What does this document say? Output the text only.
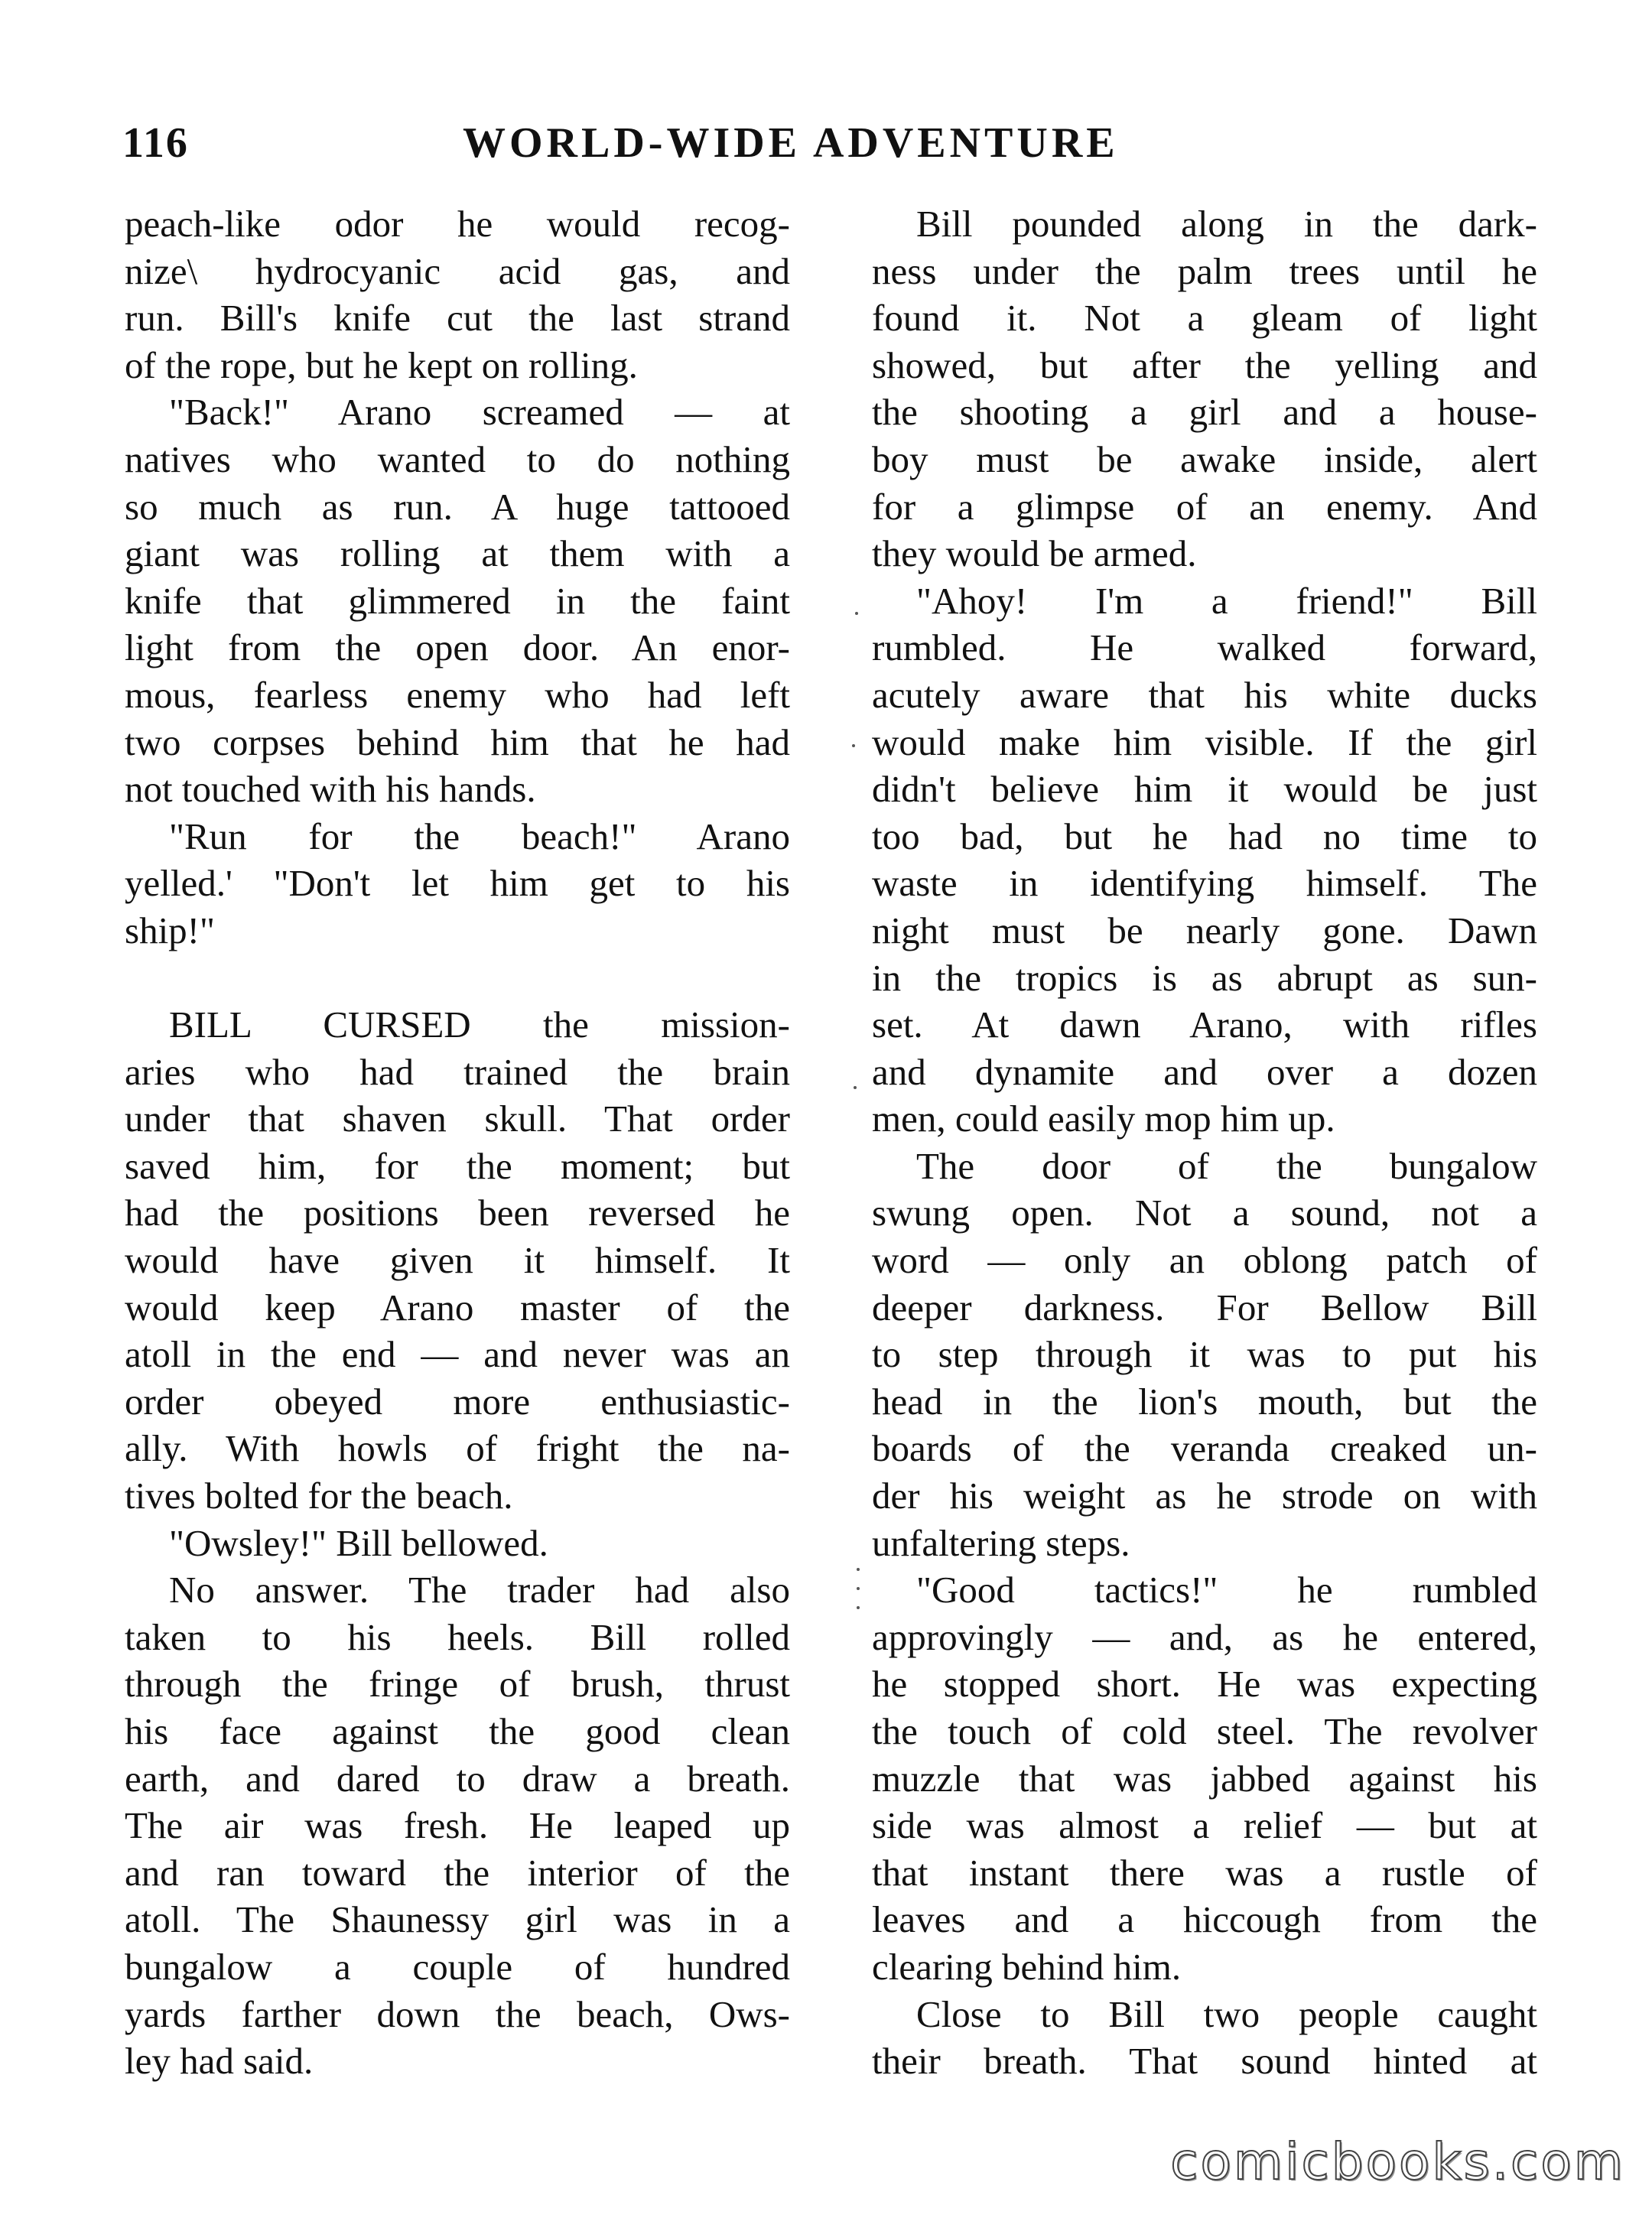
116	WORLD-WIDE ADVENTURE
peach-like odor he would recog-
nize\ hydrocyanic acid gas, and
run. Bill's knife cut the last strand
of the rope, but he kept on rolling.
"Back!" Arano screamed — at
natives who wanted to do nothing
so much as run. A huge tattooed
giant was rolling at them with a
knife that glimmered in the faint
light from the open door. An enor-
mous, fearless enemy who had left
two corpses behind him that he had
not touched with his hands.
"Run for the beach!" Arano
yelled.' "Don't let him get to his
ship!"

BILL CURSED the mission-
aries who had trained the brain
under that shaven skull. That order
saved him, for the moment; but
had the positions been reversed he
would have given it himself. It
would keep Arano master of the
atoll in the end — and never was an
order obeyed more enthusiastic-
ally. With howls of fright the na-
tives bolted for the beach.
"Owsley!" Bill bellowed.
No answer. The trader had also
taken to his heels. Bill rolled
through the fringe of brush, thrust
his face against the good clean
earth, and dared to draw a breath.
The air was fresh. He leaped up
and ran toward the interior of the
atoll. The Shaunessy girl was in a
bungalow a couple of hundred
yards farther down the beach, Ows-
ley had said.
Bill pounded along in the dark-
ness under the palm trees until he
found it. Not a gleam of light
showed, but after the yelling and
the shooting a girl and a house-
boy must be awake inside, alert
for a glimpse of an enemy. And
they would be armed.
"Ahoy! I'm a friend!" Bill
rumbled. He walked forward,
acutely aware that his white ducks
would make him visible. If the girl
didn't believe him it would be just
too bad, but he had no time to
waste in identifying himself. The
night must be nearly gone. Dawn
in the tropics is as abrupt as sun-
set. At dawn Arano, with rifles
and dynamite and over a dozen
men, could easily mop him up.
The door of the bungalow
swung open. Not a sound, not a
word — only an oblong patch of
deeper darkness. For Bellow Bill
to step through it was to put his
head in the lion's mouth, but the
boards of the veranda creaked un-
der his weight as he strode on with
unfaltering steps.
"Good tactics!" he rumbled
approvingly — and, as he entered,
he stopped short. He was expecting
the touch of cold steel. The revolver
muzzle that was jabbed against his
side was almost a relief — but at
that instant there was a rustle of
leaves and a hiccough from the
clearing behind him.
Close to Bill two people caught
their breath. That sound hinted at
comicbooks.com
